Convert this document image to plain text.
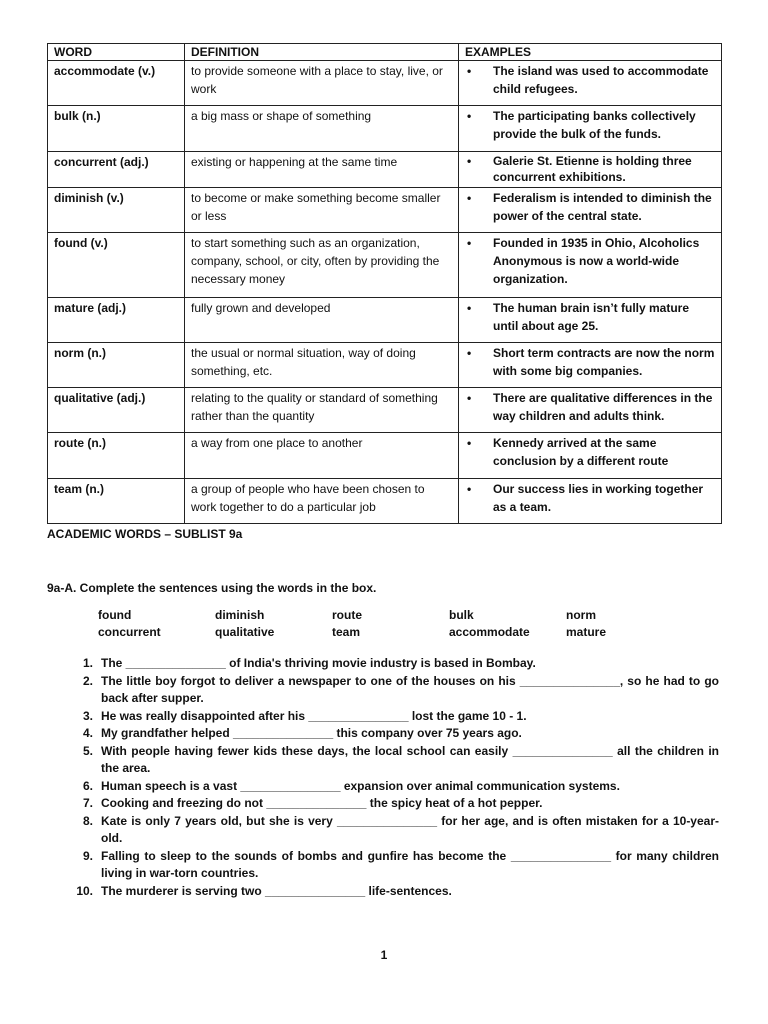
WORD	DEFINITION	EXAMPLES
accommodate (v.)	to provide someone with a place to stay, live, or work	• The island was used to accommodate child refugees.

bulk (n.)	a big mass or shape of something	• The participating banks collectively provide the bulk of the funds.

concurrent (adj.)	existing or happening at the same time	• Galerie St. Etienne is holding three concurrent exhibitions.

diminish (v.)	to become or make something become smaller or less	• Federalism is intended to diminish the power of the central state.

found (v.)	to start something such as an organization, company, school, or city, often by providing the necessary money	• Founded in 1935 in Ohio, Alcoholics Anonymous is now a world-wide organization.

mature (adj.)	fully grown and developed	• The human brain isn’t fully mature until about age 25.

norm (n.)	the usual or normal situation, way of doing something, etc.	• Short term contracts are now the norm with some big companies.

qualitative (adj.)	relating to the quality or standard of something rather than the quantity	• There are qualitative differences in the way children and adults think.

route (n.)	a way from one place to another	• Kennedy arrived at the same conclusion by a different route

team (n.)	a group of people who have been chosen to work together to do a particular job	• Our success lies in working together as a team.
ACADEMIC WORDS – SUBLIST 9a
9a-A. Complete the sentences using the words in the box.
found	diminish	route	bulk	norm
concurrent	qualitative	team	accommodate	mature
1. The _______________ of India's thriving movie industry is based in Bombay.
2. The little boy forgot to deliver a newspaper to one of the houses on his _______________, so he had to go back after supper.
3. He was really disappointed after his _______________ lost the game 10 - 1.
4. My grandfather helped _______________ this company over 75 years ago.
5. With people having fewer kids these days, the local school can easily _______________ all the children in the area.
6. Human speech is a vast _______________ expansion over animal communication systems.
7. Cooking and freezing do not _______________ the spicy heat of a hot pepper.
8. Kate is only 7 years old, but she is very _______________ for her age, and is often mistaken for a 10-year-old.
9. Falling to sleep to the sounds of bombs and gunfire has become the _______________ for many children living in war-torn countries.
10. The murderer is serving two _______________ life-sentences.
1
